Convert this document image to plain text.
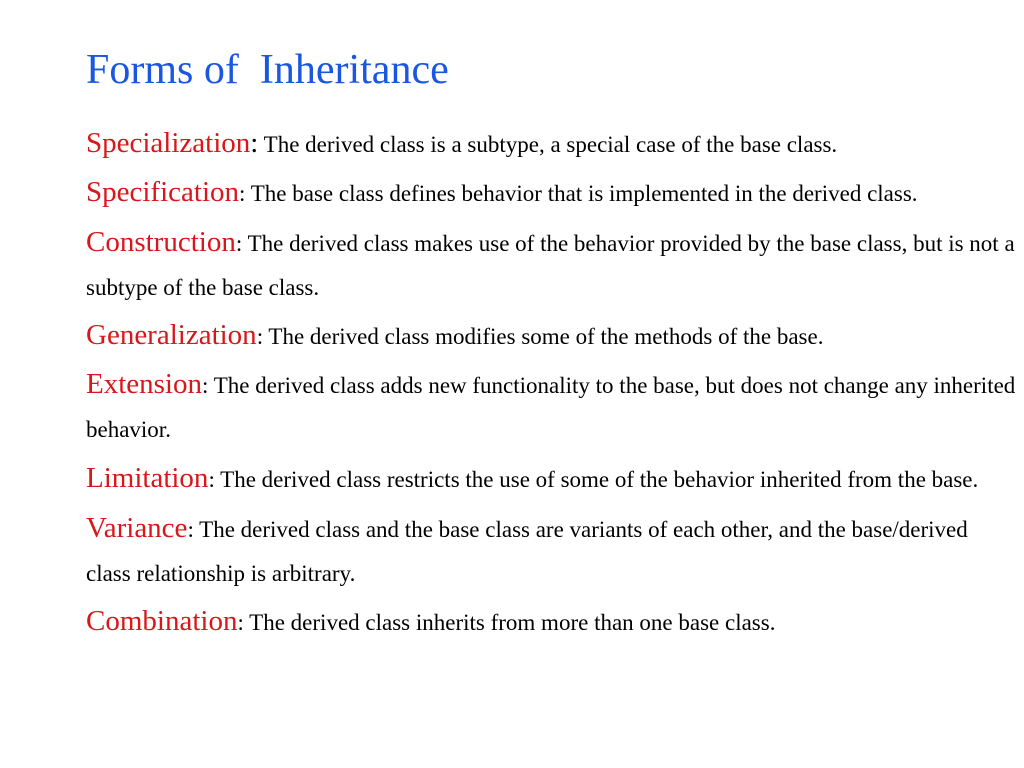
Forms of  Inheritance
Specialization: The derived class is a subtype, a special case of the base class.
Specification: The base class defines behavior that is implemented in the derived class.
Construction: The derived class makes use of the behavior provided by the base class, but is not a subtype of the base class.
Generalization: The derived class modifies some of the methods of the base.
Extension: The derived class adds new functionality to the base, but does not change any inherited behavior.
Limitation: The derived class restricts the use of some of the behavior inherited from the base.
Variance: The derived class and the base class are variants of each other, and the base/derived class relationship is arbitrary.
Combination: The derived class inherits from more than one base class.
